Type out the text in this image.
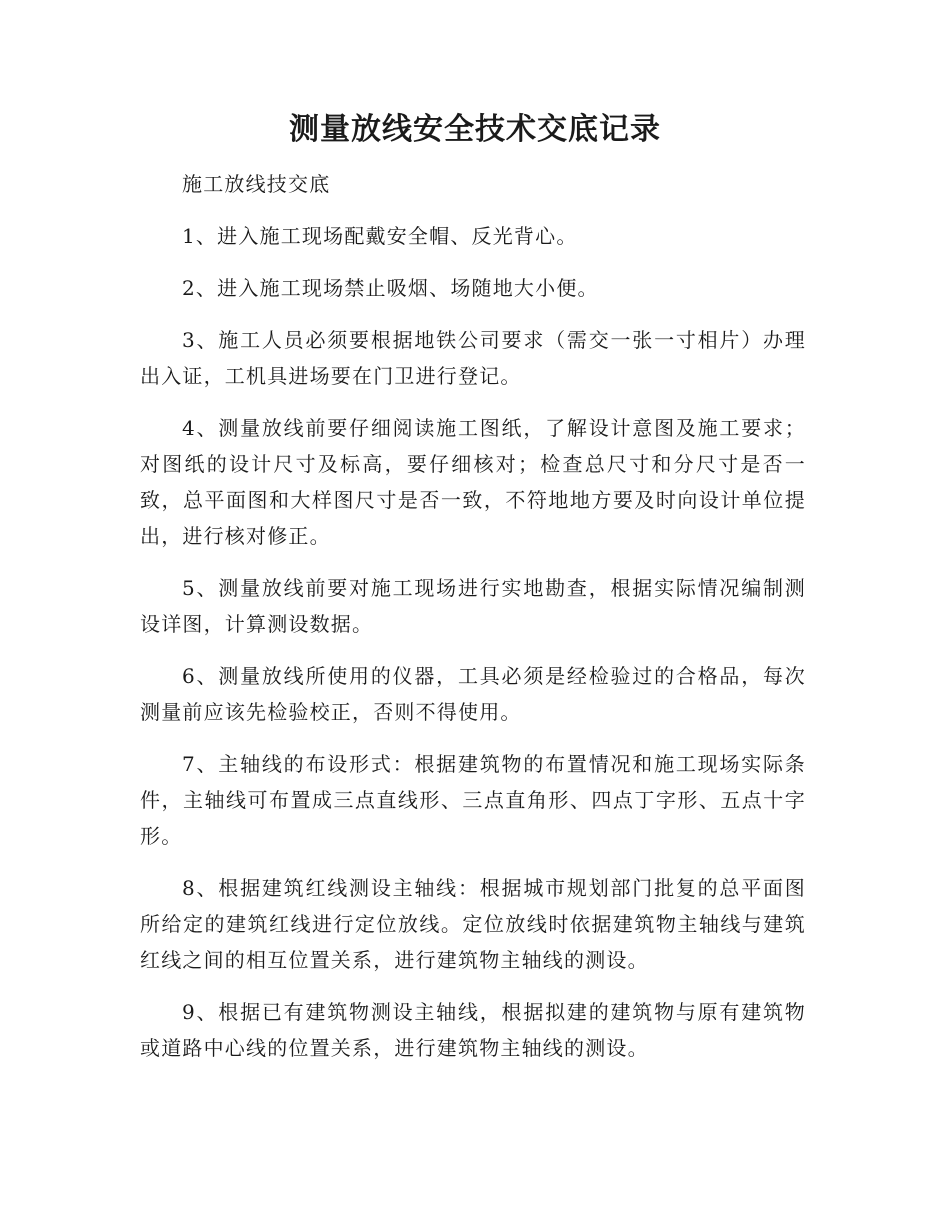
测量放线安全技术交底记录

施工放线技交底

1、进入施工现场配戴安全帽、反光背心。

2、进入施工现场禁止吸烟、场随地大小便。

3、施工人员必须要根据地铁公司要求（需交一张一寸相片）办理出入证，工机具进场要在门卫进行登记。

4、测量放线前要仔细阅读施工图纸，了解设计意图及施工要求；对图纸的设计尺寸及标高，要仔细核对；检查总尺寸和分尺寸是否一致，总平面图和大样图尺寸是否一致，不符地地方要及时向设计单位提出，进行核对修正。

5、测量放线前要对施工现场进行实地勘查，根据实际情况编制测设详图，计算测设数据。

6、测量放线所使用的仪器，工具必须是经检验过的合格品，每次测量前应该先检验校正，否则不得使用。

7、主轴线的布设形式：根据建筑物的布置情况和施工现场实际条件，主轴线可布置成三点直线形、三点直角形、四点丁字形、五点十字形。

8、根据建筑红线测设主轴线：根据城市规划部门批复的总平面图所给定的建筑红线进行定位放线。定位放线时依据建筑物主轴线与建筑红线之间的相互位置关系，进行建筑物主轴线的测设。

9、根据已有建筑物测设主轴线，根据拟建的建筑物与原有建筑物或道路中心线的位置关系，进行建筑物主轴线的测设。
